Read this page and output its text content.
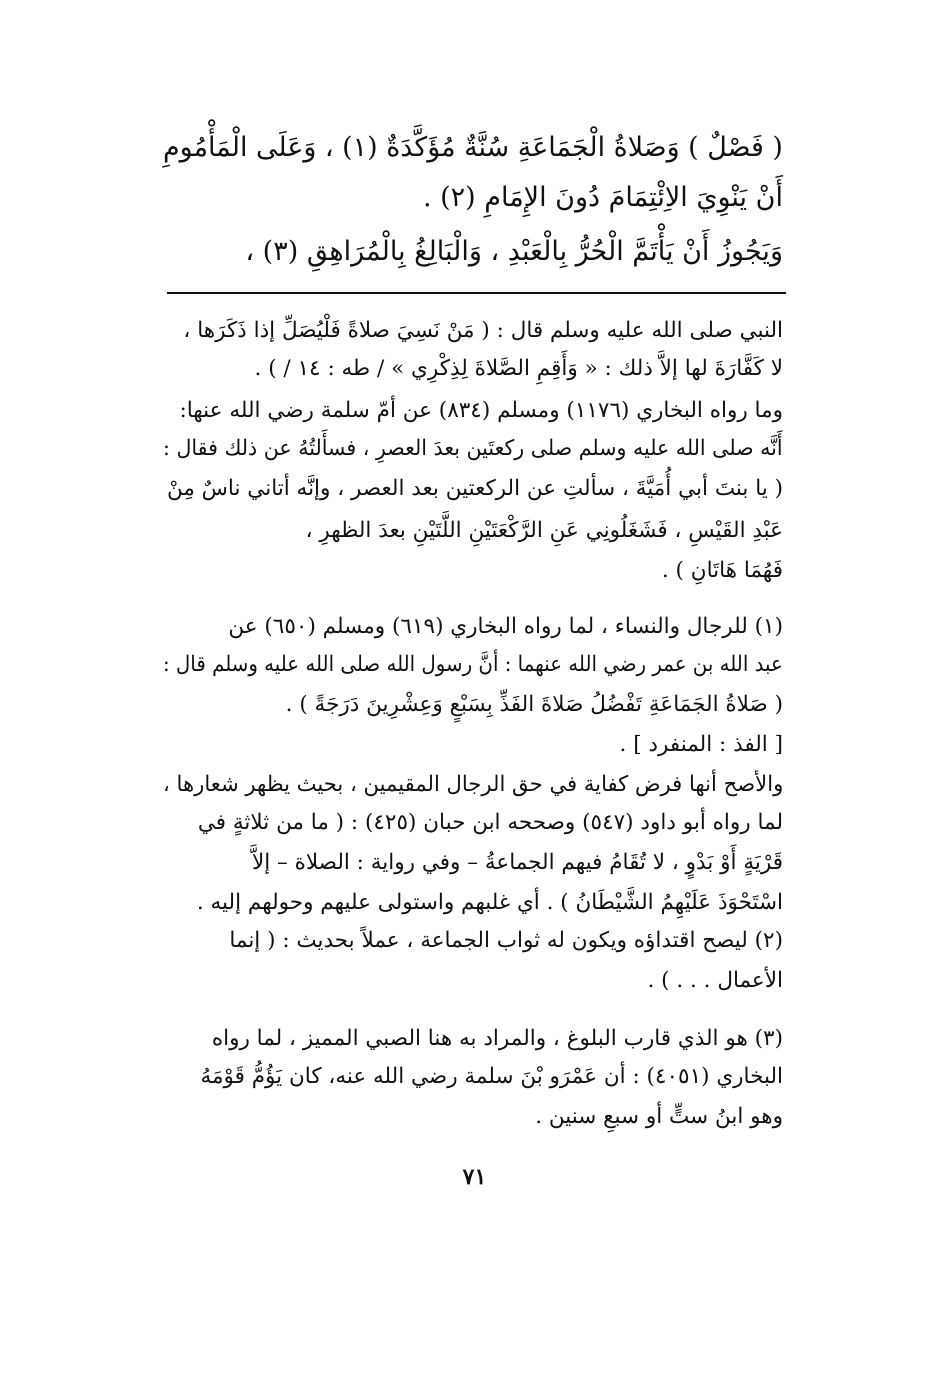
( فَصْلٌ ) وَصَلاةُ الْجَمَاعَةِ سُنَّةٌ مُؤَكَّدَةٌ (١) ، وَعَلَى الْمَأْمُومِ
أَنْ يَنْوِيَ الاِئْتِمَامَ دُونَ الإِمَامِ (٢) .
وَيَجُوزُ أَنْ يَأْتَمَّ الْحُرُّ بِالْعَبْدِ ، وَالْبَالِغُ بِالْمُرَاهِقِ (٣) ،
النبي صلى الله عليه وسلم قال : ( مَنْ نَسِيَ صلاةً فَلْيُصَلِّ إذا ذَكَرَها ،
لا كَفَّارَةَ لها إلاَّ ذلك : « وَأَقِمِ الصَّلاةَ لِذِكْرِي » / طه : ١٤ / ) .
وما رواه البخاري (١١٧٦) ومسلم (٨٣٤) عن أمّ سلمة رضي الله عنها:
أَنَّه صلى الله عليه وسلم صلى ركعتَين بعدَ العصرِ ، فسأَلتُهُ عن ذلك فقال :
( يا بنتَ أبي أُمَيَّةَ ، سألتِ عن الركعتين بعد العصر ، وإنَّه أتاني ناسٌ مِنْ
عَبْدِ القَيْسِ ، فَشَغَلُونِي عَنِ الرَّكْعَتَيْنِ اللَّتَيْنِ بعدَ الظهرِ ،
فَهُمَا هَاتَانِ ) .
(١) للرجال والنساء ، لما رواه البخاري (٦١٩) ومسلم (٦٥٠) عن
عبد الله بن عمر رضي الله عنهما : أنَّ رسول الله صلى الله عليه وسلم قال :
( صَلاةُ الجَمَاعَةِ تَفْضُلُ صَلاةَ الفَذِّ بِسَبْعٍ وَعِشْرِينَ دَرَجَةً ) .
[ الفذ : المنفرد ] .
والأصح أنها فرض كفاية في حق الرجال المقيمين ، بحيث يظهر شعارها ،
لما رواه أبو داود (٥٤٧) وصححه ابن حبان (٤٢٥) : ( ما من ثلاثةٍ في
قَرْيَةٍ أَوْ بَدْوٍ ، لا تُقَامُ فيهم الجماعةُ – وفي رواية : الصلاة – إلاَّ
اسْتَحْوَذَ عَلَيْهِمُ الشَّيْطَانُ ) . أي غلبهم واستولى عليهم وحولهم إليه .
(٢) ليصح اقتداؤه ويكون له ثواب الجماعة ، عملاً بحديث : ( إنما
الأعمال . . . ) .
(٣) هو الذي قارب البلوغ ، والمراد به هنا الصبي المميز ، لما رواه
البخاري (٤٠٥١) : أن عَمْرَو بْنَ سلمة رضي الله عنه، كان يَؤُمُّ قَوْمَهُ
وهو ابنُ ستٍّ أو سبعِ سنين .
٧١
